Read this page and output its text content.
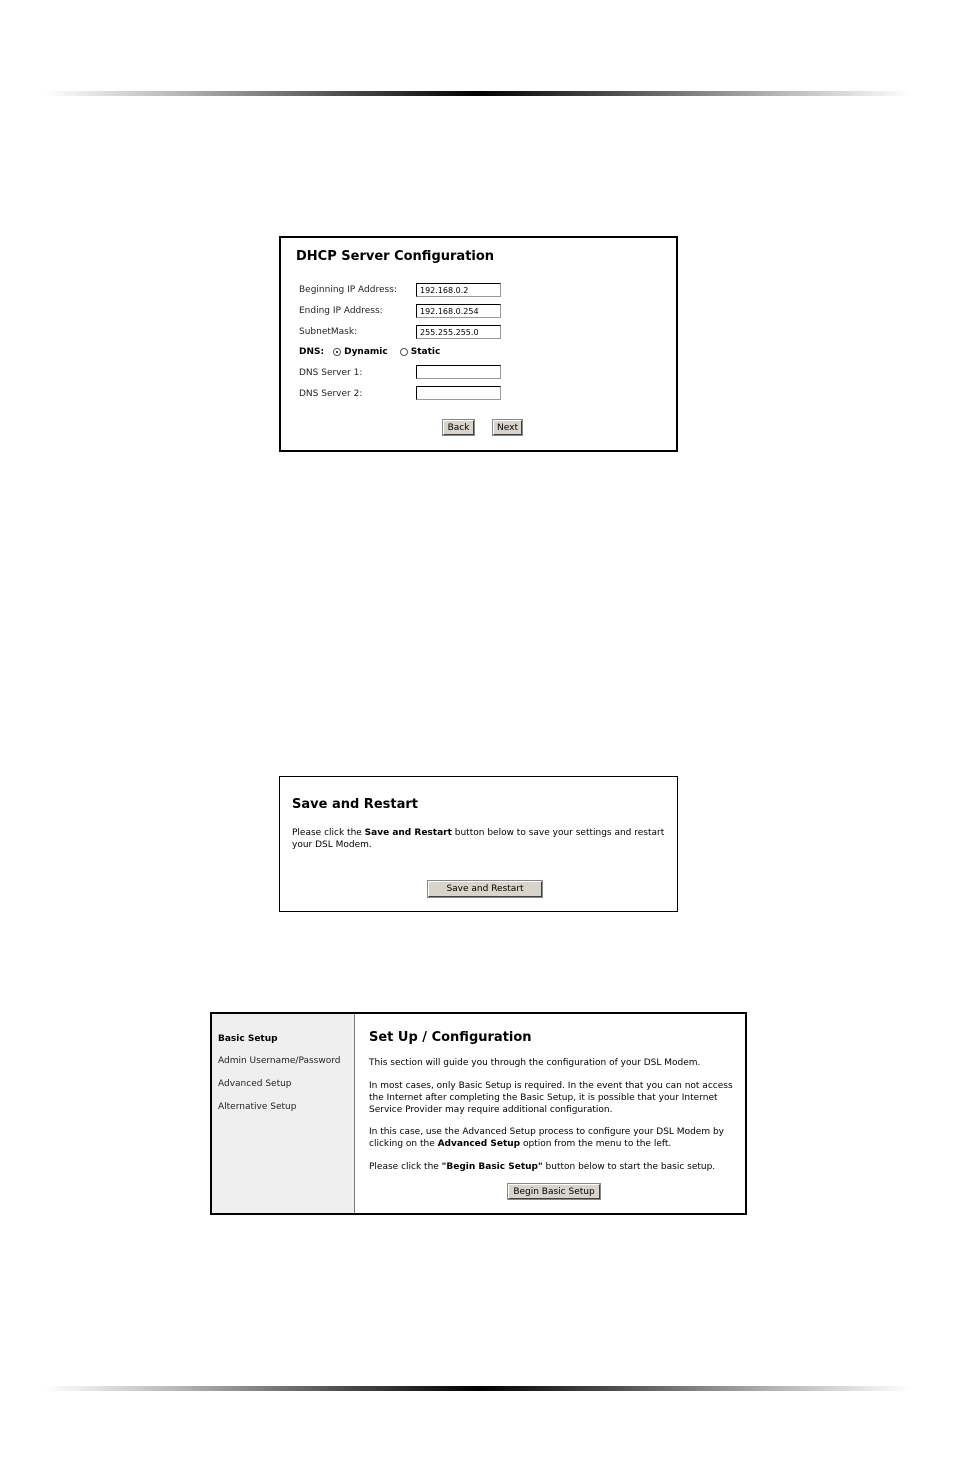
DHCP Server Configuration
Beginning IP Address:
192.168.0.2
Ending IP Address:
192.168.0.254
SubnetMask:
255.255.255.0
DNS: Dynamic	Static
DNS Server 1:
DNS Server 2:
Back	Next
Save and Restart
Please click the Save and Restart button below to save your settings and restart your DSL Modem.
Save and Restart
Basic Setup
Admin Username/Password
Advanced Setup
Alternative Setup
Set Up / Configuration
This section will guide you through the configuration of your DSL Modem.
In most cases, only Basic Setup is required. In the event that you can not access the Internet after completing the Basic Setup, it is possible that your Internet Service Provider may require additional configuration.
In this case, use the Advanced Setup process to configure your DSL Modem by clicking on the Advanced Setup option from the menu to the left.
Please click the "Begin Basic Setup" button below to start the basic setup.
Begin Basic Setup
